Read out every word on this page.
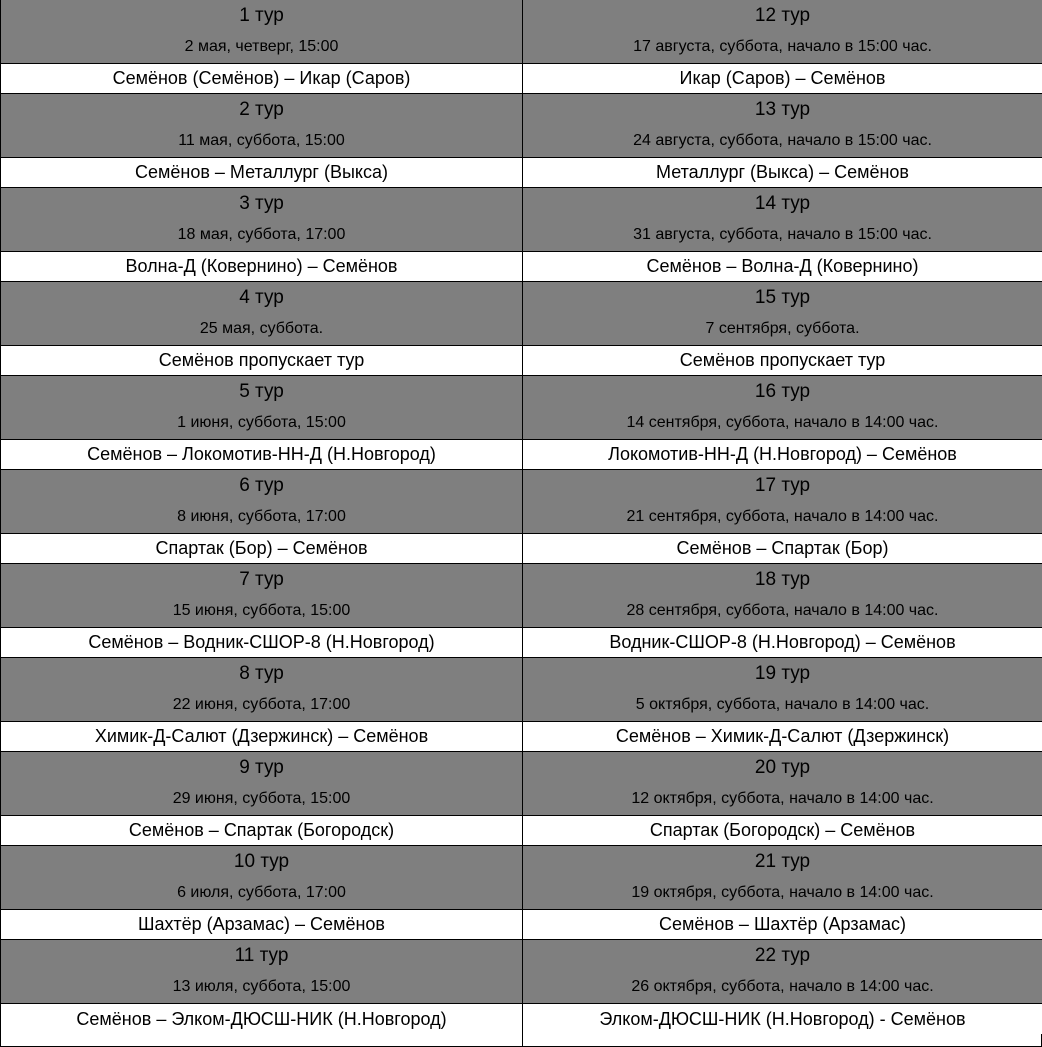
1 тур
2 мая, четверг, 15:00
Семёнов (Семёнов) – Икар (Саров)
2 тур
11 мая, суббота, 15:00
Семёнов – Металлург (Выкса)
3 тур
18 мая, суббота, 17:00
Волна-Д (Ковернино) – Семёнов
4 тур
25 мая, суббота.
Семёнов пропускает тур
5 тур
1 июня, суббота, 15:00
Семёнов – Локомотив-НН-Д (Н.Новгород)
6 тур
8 июня, суббота, 17:00
Спартак (Бор) – Семёнов
7 тур
15 июня, суббота, 15:00
Семёнов – Водник-СШОР-8 (Н.Новгород)
8 тур
22 июня, суббота, 17:00
Химик-Д-Салют (Дзержинск) – Семёнов
9 тур
29 июня, суббота, 15:00
Семёнов – Спартак (Богородск)
10 тур
6 июля, суббота, 17:00
Шахтёр (Арзамас) – Семёнов
11 тур
13 июля, суббота, 15:00
Семёнов – Элком-ДЮСШ-НИК (Н.Новгород)
12 тур
17 августа, суббота, начало в 15:00 час.
Икар (Саров) – Семёнов
13 тур
24 августа, суббота, начало в 15:00 час.
Металлург (Выкса) – Семёнов
14 тур
31 августа, суббота, начало в 15:00 час.
Семёнов – Волна-Д (Ковернино)
15 тур
7 сентября, суббота.
Семёнов пропускает тур
16 тур
14 сентября, суббота, начало в 14:00 час.
Локомотив-НН-Д (Н.Новгород) – Семёнов
17 тур
21 сентября, суббота, начало в 14:00 час.
Семёнов – Спартак (Бор)
18 тур
28 сентября, суббота, начало в 14:00 час.
Водник-СШОР-8 (Н.Новгород) – Семёнов
19 тур
5 октября, суббота, начало в 14:00 час.
Семёнов – Химик-Д-Салют (Дзержинск)
20 тур
12 октября, суббота, начало в 14:00 час.
Спартак (Богородск) – Семёнов
21 тур
19 октября, суббота, начало в 14:00 час.
Семёнов – Шахтёр (Арзамас)
22 тур
26 октября, суббота, начало в 14:00 час.
Элком-ДЮСШ-НИК (Н.Новгород) - Семёнов
